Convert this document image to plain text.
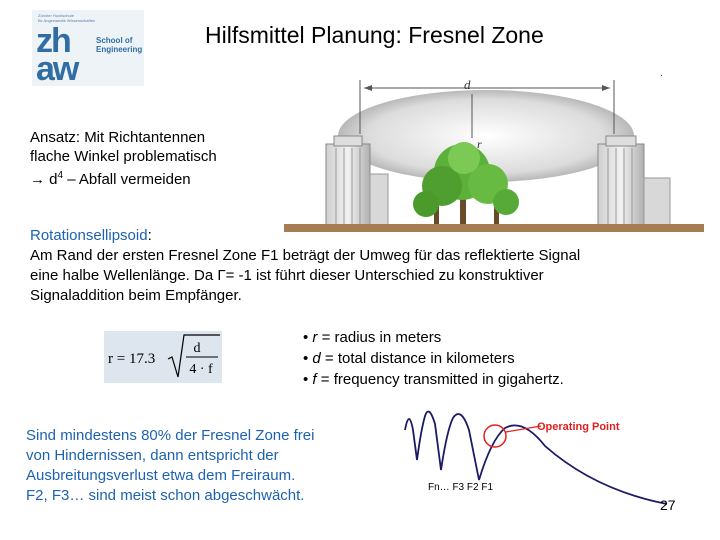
Zürcher Hochschule
für Angewandte Wissenschaften
zh
aw
School of
Engineering
Hilfsmittel Planung: Fresnel Zone
.
d
r
Ansatz: Mit Richtantennen
flache Winkel problematisch
→ $d^4$ – Abfall vermeiden
Rotationsellipsoid:
Am Rand der ersten Fresnel Zone F1 beträgt der Umweg für das reflektierte Signal
eine halbe Wellenlänge. Da Γ= -1 ist führt dieser Unterschied zu konstruktiver
Signaladdition beim Empfänger.
r = 17.3
d
4 · f
• r = radius in meters
• d = total distance in kilometers
• f = frequency transmitted in gigahertz.
Sind mindestens 80% der Fresnel Zone frei
von Hindernissen, dann entspricht der
Ausbreitungsverlust etwa dem Freiraum.
F2, F3… sind meist schon abgeschwächt.
Operating Point
Fn… F3 F2 F1
27
